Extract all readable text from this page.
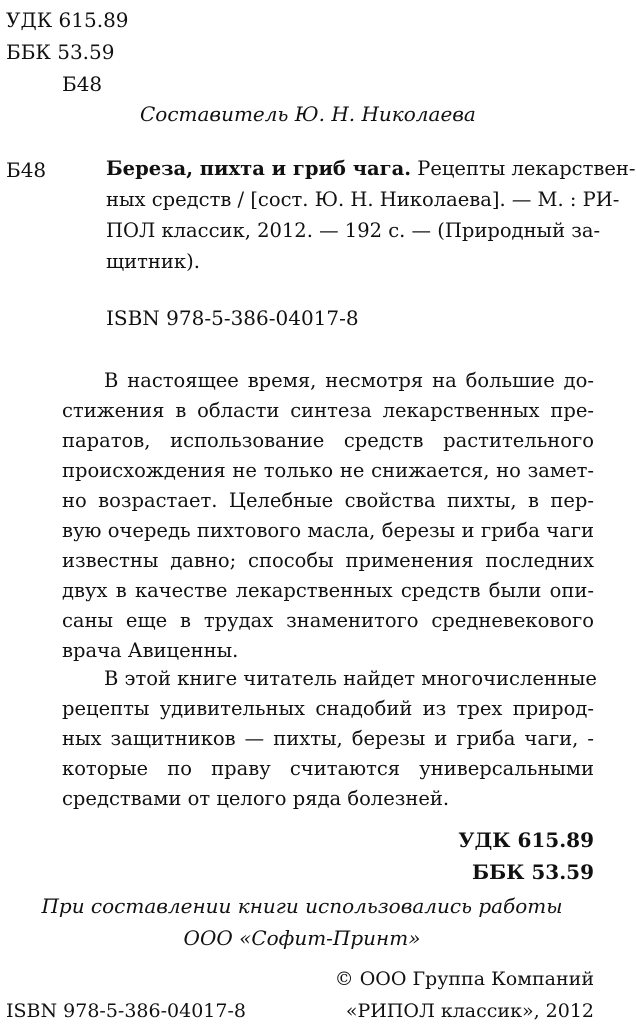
УДК 615.89
ББК 53.59
Б48
Составитель Ю. Н. Николаева
Б48	Береза, пихта и гриб чага. Рецепты лекарствен-
ных средств / [сост. Ю. Н. Николаева]. — М. : РИ-
ПОЛ классик, 2012. — 192 с. — (Природный за-
щитник).
ISBN 978-5-386-04017-8
В настоящее время, несмотря на большие до-
стижения в области синтеза лекарственных пре-
паратов, использование средств растительного
происхождения не только не снижается, но замет-
но возрастает. Целебные свойства пихты, в пер-
вую очередь пихтового масла, березы и гриба чаги
известны давно; способы применения последних
двух в качестве лекарственных средств были опи-
саны еще в трудах знаменитого средневекового
врача Авиценны.
В этой книге читатель найдет многочисленные
рецепты удивительных снадобий из трех природ-
ных защитников — пихты, березы и гриба чаги, -
которые по праву считаются универсальными
средствами от целого ряда болезней.
УДК 615.89
ББК 53.59
При составлении книги использовались работы
ООО «Софит-Принт»
© ООО Группа Компаний
ISBN 978-5-386-04017-8	«РИПОЛ классик», 2012
